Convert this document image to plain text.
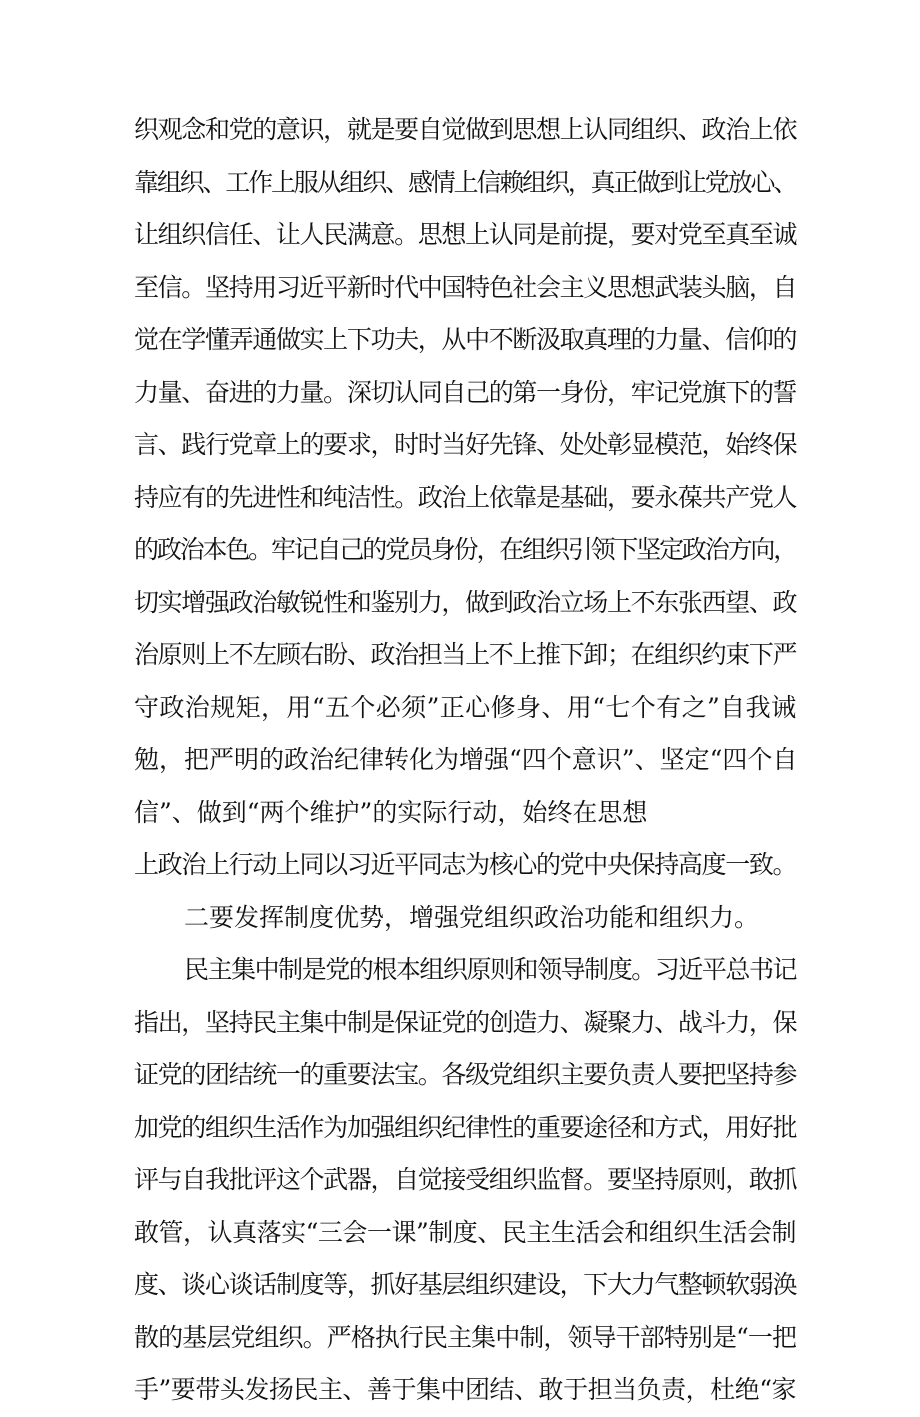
织观念和党的意识，就是要自觉做到思想上认同组织、政治上依
靠组织、工作上服从组织、感情上信赖组织，真正做到让党放心、
让组织信任、让人民满意。思想上认同是前提，要对党至真至诚
至信。坚持用习近平新时代中国特色社会主义思想武装头脑，自
觉在学懂弄通做实上下功夫，从中不断汲取真理的力量、信仰的
力量、奋进的力量。深切认同自己的第一身份，牢记党旗下的誓
言、践行党章上的要求，时时当好先锋、处处彰显模范，始终保
持应有的先进性和纯洁性。政治上依靠是基础，要永葆共产党人
的政治本色。牢记自己的党员身份，在组织引领下坚定政治方向，
切实增强政治敏锐性和鉴别力，做到政治立场上不东张西望、政
治原则上不左顾右盼、政治担当上不上推下卸；在组织约束下严
守政治规矩，用“五个必须”正心修身、用“七个有之”自我诫
勉，把严明的政治纪律转化为增强“四个意识”、坚定“四个自
信”、做到“两个维护”的实际行动，始终在思想
上政治上行动上同以习近平同志为核心的党中央保持高度一致。
二要发挥制度优势，增强党组织政治功能和组织力。
民主集中制是党的根本组织原则和领导制度。习近平总书记
指出，坚持民主集中制是保证党的创造力、凝聚力、战斗力，保
证党的团结统一的重要法宝。各级党组织主要负责人要把坚持参
加党的组织生活作为加强组织纪律性的重要途径和方式，用好批
评与自我批评这个武器，自觉接受组织监督。要坚持原则，敢抓
敢管，认真落实“三会一课”制度、民主生活会和组织生活会制
度、谈心谈话制度等，抓好基层组织建设，下大力气整顿软弱涣
散的基层党组织。严格执行民主集中制，领导干部特别是“一把
手”要带头发扬民主、善于集中团结、敢于担当负责，杜绝“家
